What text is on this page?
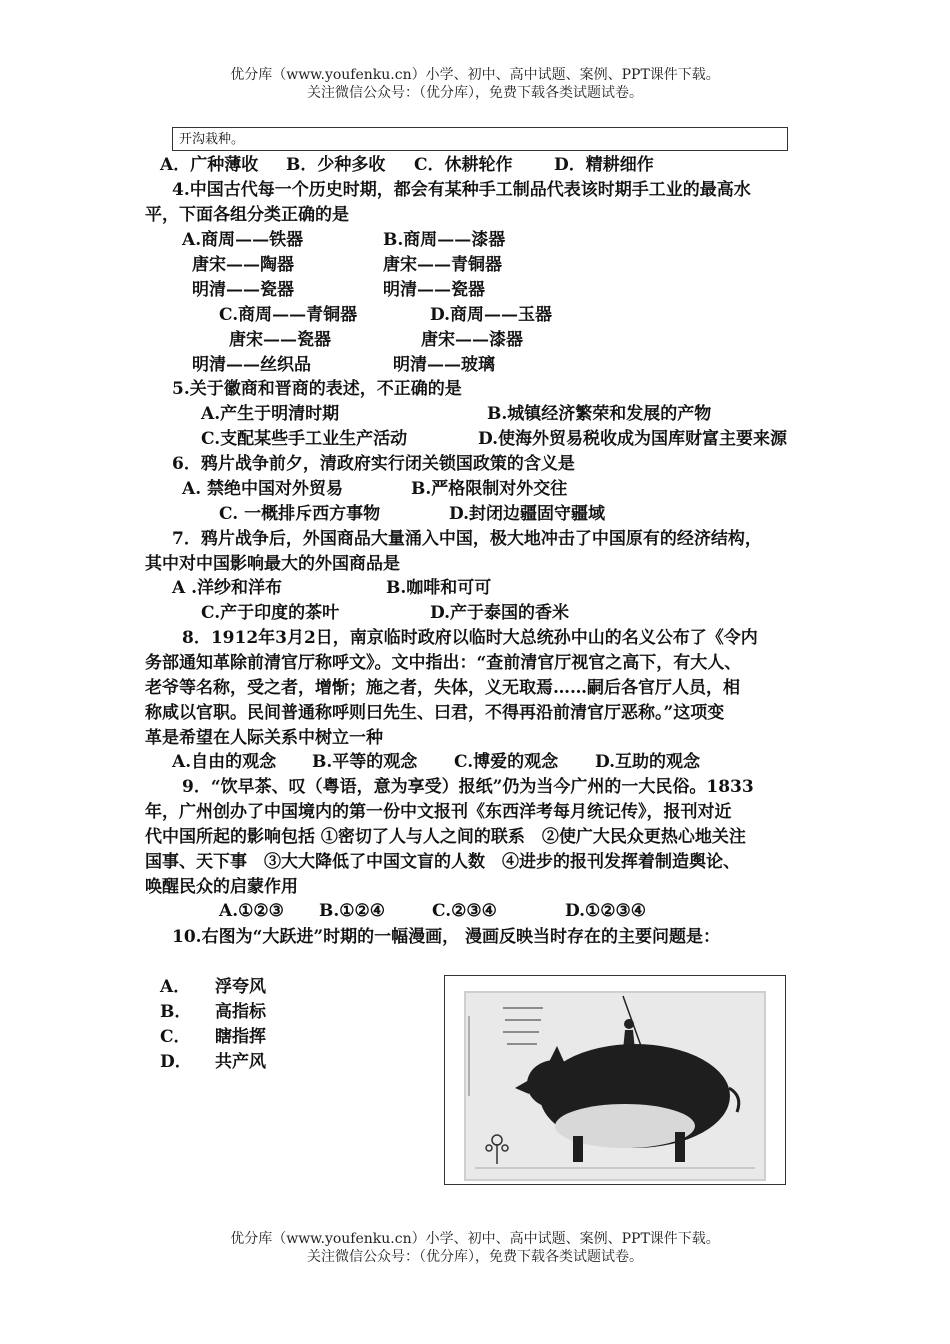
优分库（www.youfenku.cn）小学、初中、高中试题、案例、PPT课件下载。
关注微信公众号：（优分库），免费下载各类试题试卷。
开沟栽种。
A．广种薄收 B．少种多收 C．休耕轮作 D．精耕细作
4.中国古代每一个历史时期，都会有某种手工制品代表该时期手工业的最高水
平，下面各组分类正确的是
A.商周——铁器	B.商周——漆器
唐宋——陶器	唐宋——青铜器
明清——瓷器	明清——瓷器
C.商周——青铜器	D.商周——玉器
唐宋——瓷器	唐宋——漆器
明清——丝织品	明清——玻璃
5.关于徽商和晋商的表述，不正确的是
A.产生于明清时期	B.城镇经济繁荣和发展的产物
C.支配某些手工业生产活动	D.使海外贸易税收成为国库财富主要来源
6．鸦片战争前夕，清政府实行闭关锁国政策的含义是
A. 禁绝中国对外贸易	B.严格限制对外交往
C. 一概排斥西方事物	D.封闭边疆固守疆域
7．鸦片战争后，外国商品大量涌入中国，极大地冲击了中国原有的经济结构，
其中对中国影响最大的外国商品是
A .洋纱和洋布	B.咖啡和可可
C.产于印度的茶叶	D.产于泰国的香米
8．1912年3月2日，南京临时政府以临时大总统孙中山的名义公布了《令内
务部通知革除前清官厅称呼文》。文中指出：“查前清官厅视官之高下，有大人、
老爷等名称，受之者，增惭；施之者，失体，义无取焉……嗣后各官厅人员，相
称咸以官职。民间普通称呼则曰先生、曰君，不得再沿前清官厅恶称。”这项变
革是希望在人际关系中树立一种
A.自由的观念 B.平等的观念 C.博爱的观念 D.互助的观念
9．“饮早茶、叹（粤语，意为享受）报纸”仍为当今广州的一大民俗。1833
年，广州创办了中国境内的第一份中文报刊《东西洋考每月统记传》，报刊对近
代中国所起的影响包括 ①密切了人与人之间的联系　②使广大民众更热心地关注
国事、天下事　③大大降低了中国文盲的人数　④进步的报刊发挥着制造舆论、
唤醒民众的启蒙作用
A.①②③ B.①②④	C.②③④	D.①②③④
10.右图为“大跃进”时期的一幅漫画， 漫画反映当时存在的主要问题是：
A． 浮夸风
B． 高指标
C． 瞎指挥
D． 共产风
优分库（www.youfenku.cn）小学、初中、高中试题、案例、PPT课件下载。
关注微信公众号：（优分库），免费下载各类试题试卷。
